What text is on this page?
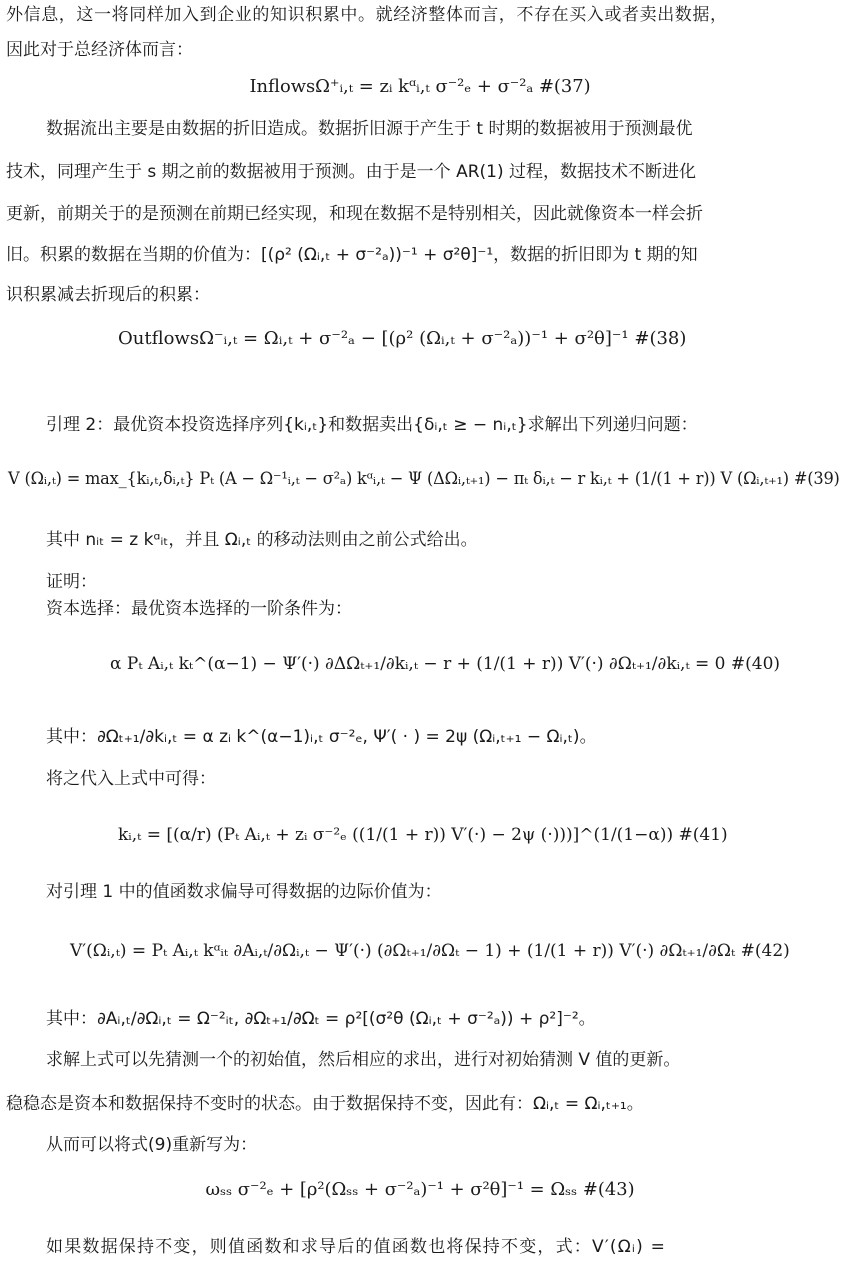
外信息，这一将同样加入到企业的知识积累中。就经济整体而言，不存在买入或者卖出数据，
因此对于总经济体而言：
InflowsΩ⁺ᵢ,ₜ = zᵢ kᵅᵢ,ₜ σ⁻²ₑ + σ⁻²ₐ #(37)
数据流出主要是由数据的折旧造成。数据折旧源于产生于 t 时期的数据被用于预测最优
技术，同理产生于 s 期之前的数据被用于预测。由于是一个 AR(1) 过程，数据技术不断进化
更新，前期关于的是预测在前期已经实现，和现在数据不是特别相关，因此就像资本一样会折
旧。积累的数据在当期的价值为：[(ρ² (Ωᵢ,ₜ + σ⁻²ₐ))⁻¹ + σ²θ]⁻¹，数据的折旧即为 t 期的知
识积累减去折现后的积累：
OutflowsΩ⁻ᵢ,ₜ = Ωᵢ,ₜ + σ⁻²ₐ − [(ρ² (Ωᵢ,ₜ + σ⁻²ₐ))⁻¹ + σ²θ]⁻¹ #(38)
引理 2：最优资本投资选择序列{kᵢ,ₜ}和数据卖出{δᵢ,ₜ ≥ − nᵢ,ₜ}求解出下列递归问题：
V (Ωᵢ,ₜ) = max_{kᵢ,ₜ,δᵢ,ₜ} Pₜ (A − Ω⁻¹ᵢ,ₜ − σ²ₐ) kᵅᵢ,ₜ − Ψ (ΔΩᵢ,ₜ₊₁) − πₜ δᵢ,ₜ − r kᵢ,ₜ + (1/(1 + r)) V (Ωᵢ,ₜ₊₁) #(39)
其中 nᵢₜ = z kᵅᵢₜ，并且 Ωᵢ,ₜ 的移动法则由之前公式给出。
证明：
资本选择：最优资本选择的一阶条件为：
α Pₜ Aᵢ,ₜ kₜ^(α−1) − Ψ′(·) ∂ΔΩₜ₊₁/∂kᵢ,ₜ − r + (1/(1 + r)) V′(·) ∂Ωₜ₊₁/∂kᵢ,ₜ = 0 #(40)
其中：∂Ωₜ₊₁/∂kᵢ,ₜ = α zᵢ k^(α−1)ᵢ,ₜ σ⁻²ₑ, Ψ′( · ) = 2ψ (Ωᵢ,ₜ₊₁ − Ωᵢ,ₜ)。
将之代入上式中可得：
kᵢ,ₜ = [(α/r) (Pₜ Aᵢ,ₜ + zᵢ σ⁻²ₑ ((1/(1 + r)) V′(·) − 2ψ (·)))]^(1/(1−α)) #(41)
对引理 1 中的值函数求偏导可得数据的边际价值为：
V′(Ωᵢ,ₜ) = Pₜ Aᵢ,ₜ kᵅᵢₜ ∂Aᵢ,ₜ/∂Ωᵢ,ₜ − Ψ′(·) (∂Ωₜ₊₁/∂Ωₜ − 1) + (1/(1 + r)) V′(·) ∂Ωₜ₊₁/∂Ωₜ #(42)
其中：∂Aᵢ,ₜ/∂Ωᵢ,ₜ = Ω⁻²ᵢₜ, ∂Ωₜ₊₁/∂Ωₜ = ρ²[(σ²θ (Ωᵢ,ₜ + σ⁻²ₐ)) + ρ²]⁻²。
求解上式可以先猜测一个的初始值，然后相应的求出，进行对初始猜测 V 值的更新。
稳稳态是资本和数据保持不变时的状态。由于数据保持不变，因此有：Ωᵢ,ₜ = Ωᵢ,ₜ₊₁。
从而可以将式(9)重新写为：
ωₛₛ σ⁻²ₑ + [ρ²(Ωₛₛ + σ⁻²ₐ)⁻¹ + σ²θ]⁻¹ = Ωₛₛ #(43)
如果数据保持不变，则值函数和求导后的值函数也将保持不变，式：V′(Ωᵢ) =
